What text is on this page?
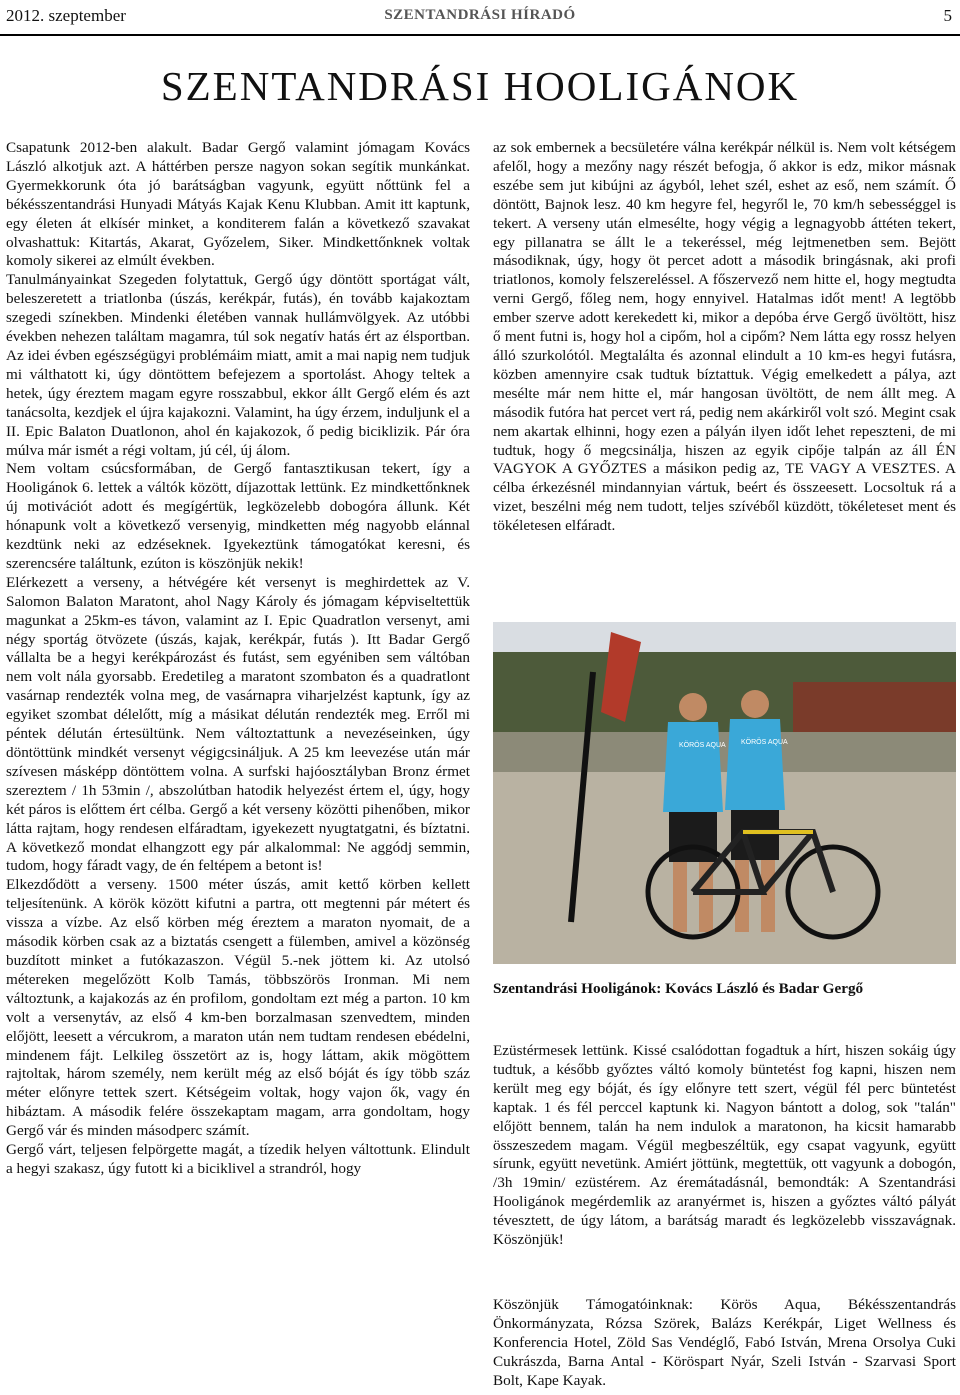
2012. szeptember	SZENTANDRÁSI HÍRADÓ	5
SZENTANDRÁSI HOOLIGÁNOK

Csapatunk 2012-ben alakult. Badar Gergő valamint jómagam Kovács László alkotjuk azt. A háttérben persze nagyon sokan segítik munkánkat. Gyermekkorunk óta jó barátságban vagyunk, együtt nőttünk fel a békésszentandrási Hunyadi Mátyás Kajak Kenu Klubban. Amit itt kaptunk, egy életen át elkísér minket, a konditerem falán a következő szavakat olvashattuk: Kitartás, Akarat, Győzelem, Siker. Mindkettőnknek voltak komoly sikerei az elmúlt években.

Tanulmányainkat Szegeden folytattuk, Gergő úgy döntött sportágat vált, beleszeretett a triatlonba (úszás, kerékpár, futás), én tovább kajakoztam szegedi színekben. Mindenki életében vannak hullámvölgyek. Az utóbbi években nehezen találtam magamra, túl sok negatív hatás ért az élsportban. Az idei évben egészségügyi problémáim miatt, amit a mai napig nem tudjuk mi válthatott ki, úgy döntöttem befejezem a sportolást. Ahogy teltek a hetek, úgy éreztem magam egyre rosszabbul, ekkor állt Gergő elém és azt tanácsolta, kezdjek el újra kajakozni. Valamint, ha úgy érzem, induljunk el a II. Epic Balaton Duatlonon, ahol én kajakozok, ő pedig biciklizik. Pár óra múlva már ismét a régi voltam, jú cél, új álom.

Nem voltam csúcsformában, de Gergő fantasztikusan tekert, így a Hooligánok 6. lettek a váltók között, díjazottak lettünk. Ez mindkettőnknek új motivációt adott és megígértük, legközelebb dobogóra állunk. Két hónapunk volt a következő versenyig, mindketten még nagyobb elánnal kezdtünk neki az edzéseknek. Igyekeztünk támogatókat keresni, és szerencsére találtunk, ezúton is köszönjük nekik!

Elérkezett a verseny, a hétvégére két versenyt is meghirdettek az V. Salomon Balaton Maratont, ahol Nagy Károly és jómagam képviseltettük magunkat a 25km-es távon, valamint az I. Epic Quadratlon versenyt, ami négy sportág ötvözete (úszás, kajak, kerékpár, futás ). Itt Badar Gergő vállalta be a hegyi kerékpározást és futást, sem egyéniben sem váltóban nem volt nála gyorsabb. Eredetileg a maratont szombaton és a quadratlont vasárnap rendezték volna meg, de vasárnapra viharjelzést kaptunk, így az egyiket szombat délelőtt, míg a másikat délután rendezték meg. Erről mi péntek délután értesültünk. Nem változtattunk a nevezéseinken, úgy döntöttünk mindkét versenyt végigcsináljuk. A 25 km leevezése után már szívesen másképp döntöttem volna. A surfski hajóosztályban Bronz érmet szereztem / 1h 53min /, abszolútban hatodik helyezést értem el, úgy, hogy két páros is előttem ért célba. Gergő a két verseny közötti pihenőben, mikor látta rajtam, hogy rendesen elfáradtam, igyekezett nyugtatgatni, és bíztatni. A következő mondat elhangzott egy pár alkalommal: Ne aggódj semmin, tudom, hogy fáradt vagy, de én feltépem a betont is!

Elkezdődött a verseny. 1500 méter úszás, amit kettő körben kellett teljesítenünk. A körök között kifutni a partra, ott megtenni pár métert és vissza a vízbe. Az első körben még éreztem a maraton nyomait, de a második körben csak az a biztatás csengett a fülemben, amivel a közönség buzdított minket a futókazaszon. Végül 5.-nek jöttem ki. Az utolsó métereken megelőzött Kolb Tamás, többszörös Ironman. Mi nem változtunk, a kajakozás az én profilom, gondoltam ezt még a parton. 10 km volt a versenytáv, az első 4 km-ben borzalmasan szenvedtem, minden előjött, leesett a vércukrom, a maraton után nem tudtam rendesen ebédelni, mindenem fájt. Lelkileg összetört az is, hogy láttam, akik mögöttem rajtoltak, három személy, nem került még az első bóját és így több száz méter előnyre tettek szert. Kétségeim voltak, hogy vajon ők, vagy én hibáztam. A második felére összekaptam magam, arra gondoltam, hogy Gergő vár és minden másodperc számít.

Gergő várt, teljesen felpörgette magát, a tízedik helyen váltottunk. Elindult a hegyi szakasz, úgy futott ki a biciklivel a strandról, hogy

az sok embernek a becsületére válna kerékpár nélkül is. Nem volt kétségem afelől, hogy a mezőny nagy részét befogja, ő akkor is edz, mikor másnak eszébe sem jut kibújni az ágyból, lehet szél, eshet az eső, nem számít. Ő döntött, Bajnok lesz. 40 km hegyre fel, hegyről le, 70 km/h sebességgel is tekert. A verseny után elmesélte, hogy végig a legnagyobb áttéten tekert, egy pillanatra se állt le a tekeréssel, még lejtmenetben sem. Bejött másodiknak, úgy, hogy öt percet adott a második bringásnak, aki profi triatlonos, komoly felszereléssel. A főszervező nem hitte el, hogy megtudta verni Gergő, főleg nem, hogy ennyivel. Hatalmas időt ment! A legtöbb ember szerve adott kerekedett ki, mikor a depóba érve Gergő üvöltött, hisz ő ment futni is, hogy hol a cipőm, hol a cipőm? Nem látta egy rossz helyen álló szurkolótól. Megtalálta és azonnal elindult a 10 km-es hegyi futásra, közben amennyire csak tudtuk bíztattuk. Végig emelkedett a pálya, azt mesélte már nem hitte el, már hangosan üvöltött, de nem állt meg. A második futóra hat percet vert rá, pedig nem akárkiről volt szó. Megint csak nem akartak elhinni, hogy ezen a pályán ilyen időt lehet repeszteni, de mi tudtuk, hogy ő megcsinálja, hiszen az egyik cipője talpán az áll ÉN VAGYOK A GYŐZTES a másikon pedig az, TE VAGY A VESZTES. A célba érkezésnél mindannyian vártuk, beért és összeesett. Locsoltuk rá a vizet, beszélni még nem tudott, teljes szívéből küzdött, tökéleteset ment és tökéletesen elfáradt.

KÖRÖS AQUA KÖRÖS AQUA
Szentandrási Hooligánok: Kovács László és Badar Gergő

Ezüstérmesek lettünk. Kissé csalódottan fogadtuk a hírt, hiszen sokáig úgy tudtuk, a később győztes váltó komoly büntetést fog kapni, hiszen nem került meg egy bóját, és így előnyre tett szert, végül fél perc büntetést kaptak. 1 és fél perccel kaptunk ki. Nagyon bántott a dolog, sok "talán" előjött bennem, talán ha nem indulok a maratonon, ha kicsit hamarabb összeszedem magam. Végül megbeszéltük, egy csapat vagyunk, együtt sírunk, együtt nevetünk. Amiért jöttünk, megtettük, ott vagyunk a dobogón, /3h 19min/ ezüstérem. Az éremátadásnál, bemondták: A Szentandrási Hooligánok megérdemlik az aranyérmet is, hiszen a győztes váltó pályát tévesztett, de úgy látom, a barátság maradt és legközelebb visszavágnak. Köszönjük!

Köszönjük Támogatóinknak: Körös Aqua, Békésszentandrás Önkormányzata, Rózsa Szörek, Balázs Kerékpár, Liget Wellness és Konferencia Hotel, Zöld Sas Vendéglő, Fabó István, Mrena Orsolya Cuki Cukrászda, Barna Antal - Köröspart Nyár, Szeli István - Szarvasi Sport Bolt, Kape Kayak.
